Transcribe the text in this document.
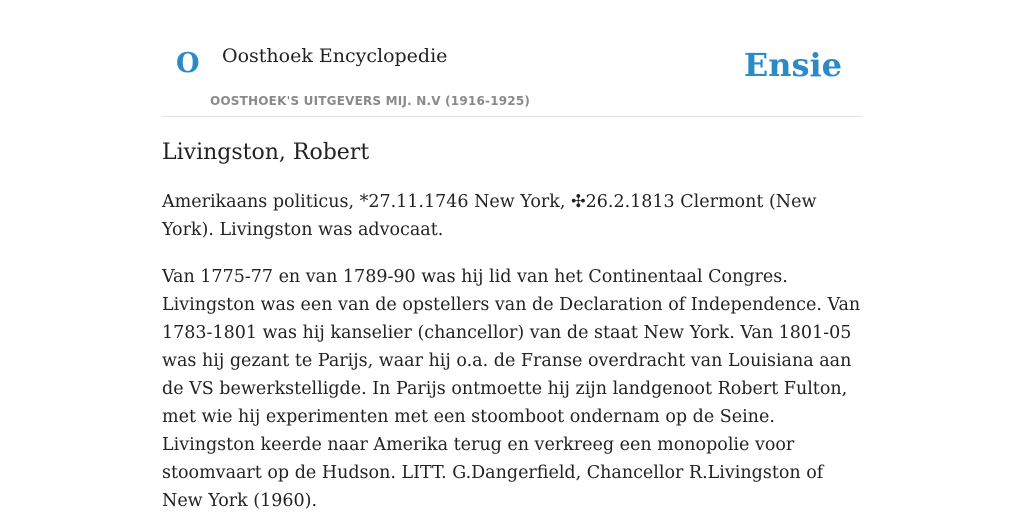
O Oosthoek Encyclopedie
OOSTHOEK'S UITGEVERS MIJ. N.V (1916-1925)
Ensie
Livingston, Robert

Amerikaans politicus, *27.11.1746 New York, ✣26.2.1813 Clermont (New York). Livingston was advocaat.

Van 1775-77 en van 1789-90 was hij lid van het Continentaal Congres. Livingston was een van de opstellers van de Declaration of Independence. Van 1783-1801 was hij kanselier (chancellor) van de staat New York. Van 1801-05 was hij gezant te Parijs, waar hij o.a. de Franse overdracht van Louisiana aan de VS bewerkstelligde. In Parijs ontmoette hij zijn landgenoot Robert Fulton, met wie hij experimenten met een stoomboot ondernam op de Seine. Livingston keerde naar Amerika terug en verkreeg een monopolie voor stoomvaart op de Hudson. LITT. G.Dangerfield, Chancellor R.Livingston of New York (1960).
